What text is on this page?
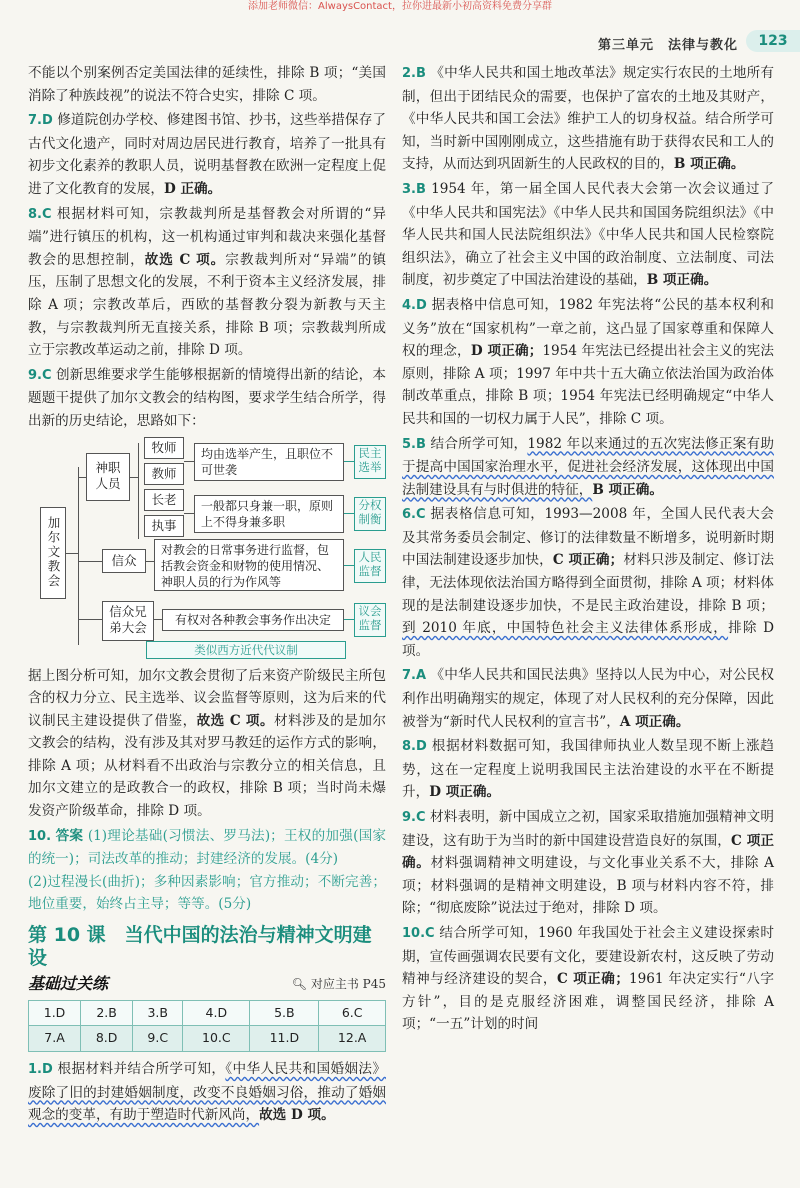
添加老师微信：AlwaysContact，拉你进最新小初高资料免费分享群
第三单元　法律与教化	123
不能以个别案例否定美国法律的延续性，排除 B 项；“美国消除了种族歧视”的说法不符合史实，排除 C 项。
7.D 修道院创办学校、修建图书馆、抄书，这些举措保存了古代文化遗产，同时对周边居民进行教育，培养了一批具有初步文化素养的教职人员，说明基督教在欧洲一定程度上促进了文化教育的发展，D 正确。
8.C 根据材料可知，宗教裁判所是基督教会对所谓的“异端”进行镇压的机构，这一机构通过审判和裁决来强化基督教会的思想控制，故选 C 项。宗教裁判所对“异端”的镇压，压制了思想文化的发展，不利于资本主义经济发展，排除 A 项；宗教改革后，西欧的基督教分裂为新教与天主教，与宗教裁判所无直接关系，排除 B 项；宗教裁判所成立于宗教改革运动之前，排除 D 项。
9.C 创新思维要求学生能够根据新的情境得出新的结论，本题题干提供了加尔文教会的结构图，要求学生结合所学，得出新的历史结论，思路如下：
加尔文教会
神职人员
牧师
教师
长老
执事
均由选举产生，且职位不可世袭
一般都只身兼一职，原则上不得身兼多职
信众
对教会的日常事务进行监督，包括教会资金和财物的使用情况、神职人员的行为作风等
信众兄弟大会	有权对各种教会事务作出决定
民主选举
分权制衡
人民监督
议会监督
类似西方近代代议制
据上图分析可知，加尔文教会贯彻了后来资产阶级民主所包含的权力分立、民主选举、议会监督等原则，这为后来的代议制民主建设提供了借鉴，故选 C 项。材料涉及的是加尔文教会的结构，没有涉及其对罗马教廷的运作方式的影响，排除 A 项；从材料看不出政治与宗教分立的相关信息，且加尔文建立的是政教合一的政权，排除 B 项；当时尚未爆发资产阶级革命，排除 D 项。
10. 答案 (1)理论基础(习惯法、罗马法)；王权的加强(国家的统一)；司法改革的推动；封建经济的发展。(4分)
(2)过程漫长(曲折)；多种因素影响；官方推动；不断完善；地位重要，始终占主导；等等。(5分)
第 10 课　当代中国的法治与精神文明建设
基础过关练	🔍︎ 对应主书 P45
1.D	2.B	3.B	4.D	5.B	6.C
7.A	8.D	9.C	10.C	11.D	12.A
1.D 根据材料并结合所学可知，《中华人民共和国婚姻法》废除了旧的封建婚姻制度，改变不良婚姻习俗，推动了婚姻观念的变革，有助于塑造时代新风尚，故选 D 项。
2.B 《中华人民共和国土地改革法》规定实行农民的土地所有制，但出于团结民众的需要，也保护了富农的土地及其财产，《中华人民共和国工会法》维护工人的切身权益。结合所学可知，当时新中国刚刚成立，这些措施有助于获得农民和工人的支持，从而达到巩固新生的人民政权的目的，B 项正确。
3.B 1954 年，第一届全国人民代表大会第一次会议通过了《中华人民共和国宪法》《中华人民共和国国务院组织法》《中华人民共和国人民法院组织法》《中华人民共和国人民检察院组织法》，确立了社会主义中国的政治制度、立法制度、司法制度，初步奠定了中国法治建设的基础，B 项正确。
4.D 据表格中信息可知，1982 年宪法将“公民的基本权利和义务”放在“国家机构”一章之前，这凸显了国家尊重和保障人权的理念，D 项正确；1954 年宪法已经提出社会主义的宪法原则，排除 A 项；1997 年中共十五大确立依法治国为政治体制改革重点，排除 B 项；1954 年宪法已经明确规定“中华人民共和国的一切权力属于人民”，排除 C 项。
5.B 结合所学可知，1982 年以来通过的五次宪法修正案有助于提高中国国家治理水平，促进社会经济发展，这体现出中国法制建设具有与时俱进的特征，B 项正确。
6.C 据表格信息可知，1993—2008 年，全国人民代表大会及其常务委员会制定、修订的法律数量不断增多，说明新时期中国法制建设逐步加快，C 项正确；材料只涉及制定、修订法律，无法体现依法治国方略得到全面贯彻，排除 A 项；材料体现的是法制建设逐步加快，不是民主政治建设，排除 B 项；到 2010 年底，中国特色社会主义法律体系形成，排除 D 项。
7.A 《中华人民共和国民法典》坚持以人民为中心，对公民权利作出明确翔实的规定，体现了对人民权利的充分保障，因此被誉为“新时代人民权利的宣言书”，A 项正确。
8.D 根据材料数据可知，我国律师执业人数呈现不断上涨趋势，这在一定程度上说明我国民主法治建设的水平在不断提升，D 项正确。
9.C 材料表明，新中国成立之初，国家采取措施加强精神文明建设，这有助于为当时的新中国建设营造良好的氛围，C 项正确。材料强调精神文明建设，与文化事业关系不大，排除 A 项；材料强调的是精神文明建设，B 项与材料内容不符，排除；“彻底废除”说法过于绝对，排除 D 项。
10.C 结合所学可知，1960 年我国处于社会主义建设探索时期，宣传画强调农民要有文化，要建设新农村，这反映了劳动精神与经济建设的契合，C 项正确；1961 年决定实行“八字方针”，目的是克服经济困难，调整国民经济，排除 A 项；“一五”计划的时间
